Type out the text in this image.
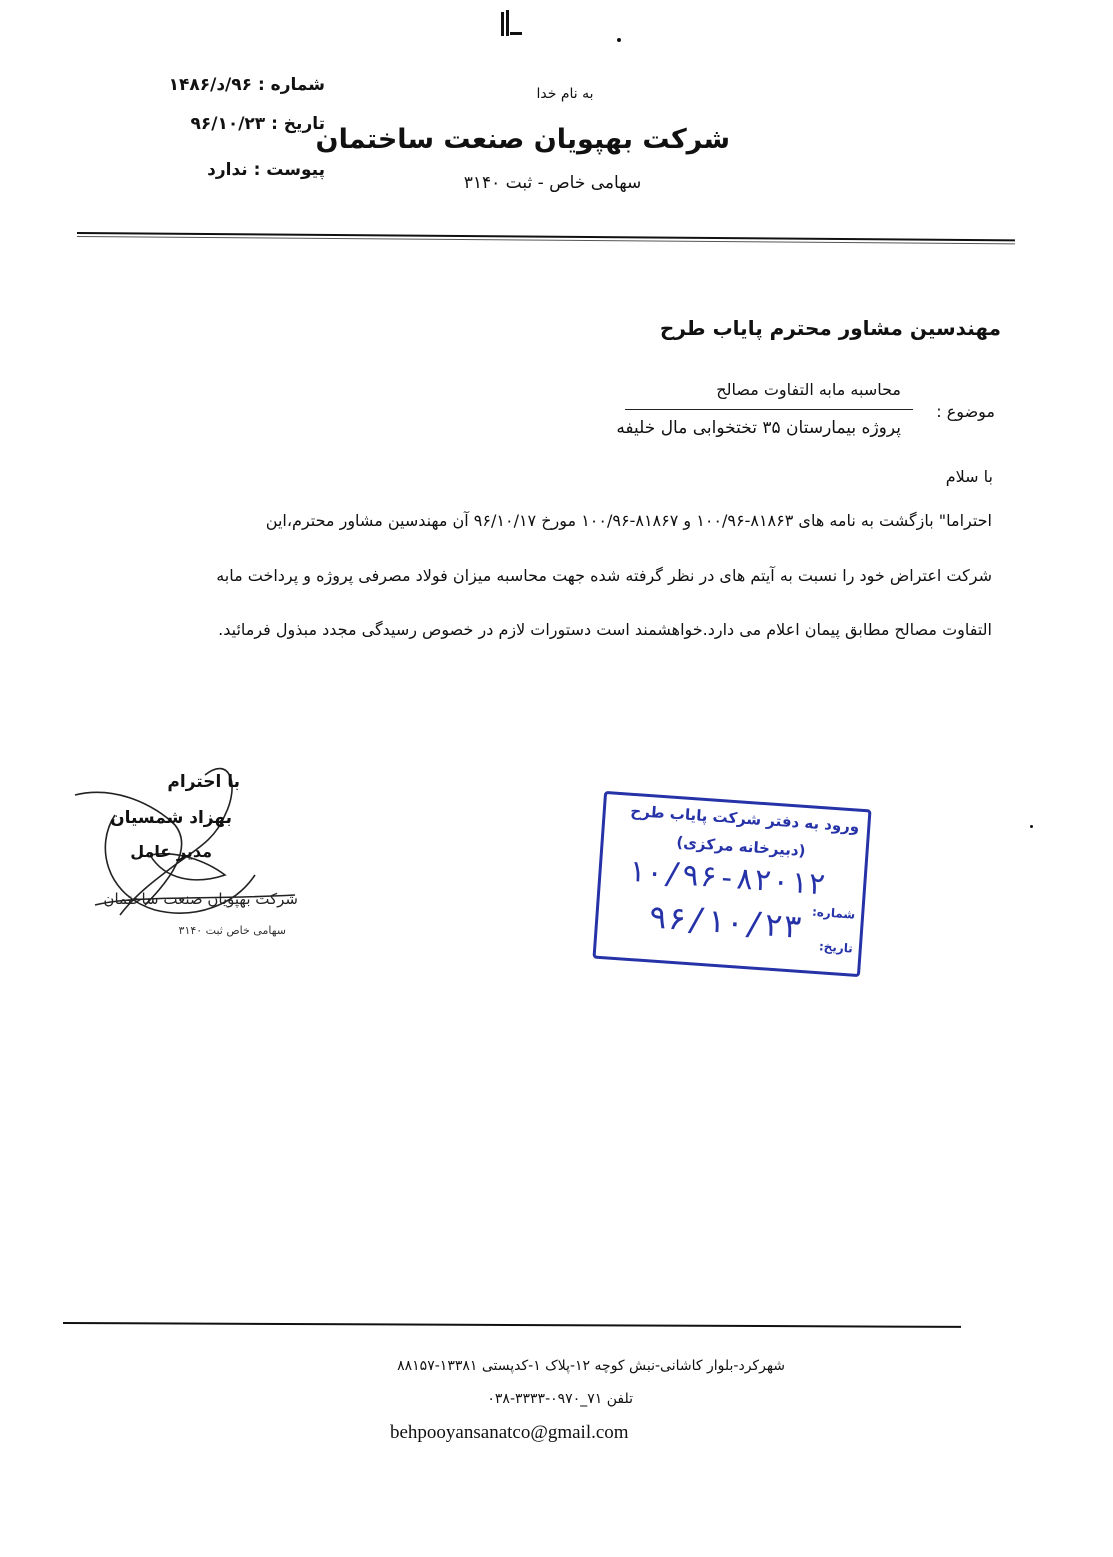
به نام خدا
شرکت بهپویان صنعت ساختمان
سهامی خاص - ثبت ۳۱۴۰
شماره : ۹۶/د/۱۴۸۶
تاریخ : ۹۶/۱۰/۲۳
پیوست : ندارد
مهندسین مشاور محترم پایاب طرح
موضوع :
محاسبه مابه التفاوت مصالح
پروژه بیمارستان ۳۵ تختخوابی مال خلیفه
با سلام
احتراما" بازگشت به نامه های ۸۱۸۶۳-۱۰۰/۹۶ و ۸۱۸۶۷-۱۰۰/۹۶ مورخ ۹۶/۱۰/۱۷ آن مهندسین مشاور محترم،این
شرکت اعتراض خود را نسبت به آیتم های در نظر گرفته شده جهت محاسبه میزان فولاد مصرفی پروژه و پرداخت مابه
التفاوت مصالح مطابق پیمان اعلام می دارد.خواهشمند است دستورات لازم در خصوص رسیدگی مجدد مبذول فرمائید.
با احترام
بهزاد شمسیان
مدیر عامل
شرکت بهپویان صنعت ساختمان
سهامی خاص ثبت ۳۱۴۰
ورود به دفتر شرکت پایاب طرح
(دبیرخانه مرکزی)
۱۰/۹۶-۸۲۰۱۲
۹۶/۱۰/۲۳ شماره:
تاریخ:
شهرکرد-بلوار کاشانی-نبش کوچه ۱۲-پلاک ۱-کدپستی ۱۳۳۸۱-۸۸۱۵۷
تلفن ۷۱_۰۹۷۰-۳۳۳۳-۰۳۸
behpooyansanatco@gmail.com
